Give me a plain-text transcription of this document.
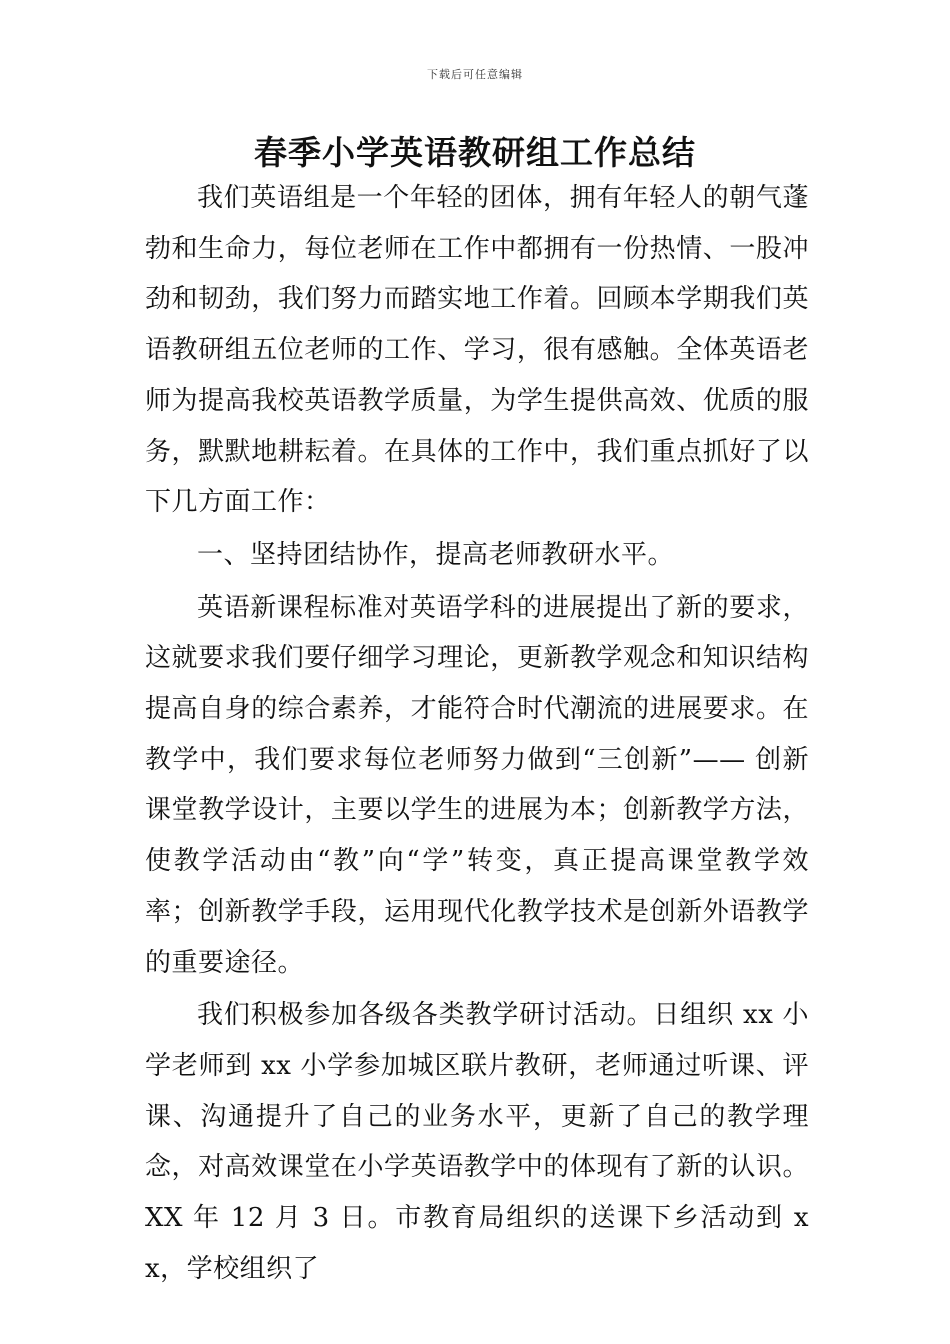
下载后可任意编辑
春季小学英语教研组工作总结

我们英语组是一个年轻的团体，拥有年轻人的朝气蓬勃和生命力，每位老师在工作中都拥有一份热情、一股冲劲和韧劲，我们努力而踏实地工作着。回顾本学期我们英语教研组五位老师的工作、学习，很有感触。全体英语老师为提高我校英语教学质量，为学生提供高效、优质的服务，默默地耕耘着。在具体的工作中，我们重点抓好了以下几方面工作：

一、坚持团结协作，提高老师教研水平。

英语新课程标准对英语学科的进展提出了新的要求，这就要求我们要仔细学习理论，更新教学观念和知识结构提高自身的综合素养，才能符合时代潮流的进展要求。在教学中，我们要求每位老师努力做到“三创新”—— 创新课堂教学设计，主要以学生的进展为本；创新教学方法，使教学活动由“教”向“学”转变，真正提高课堂教学效率；创新教学手段，运用现代化教学技术是创新外语教学的重要途径。

我们积极参加各级各类教学研讨活动。日组织 xx 小学老师到 xx 小学参加城区联片教研，老师通过听课、评课、沟通提升了自己的业务水平，更新了自己的教学理念，对高效课堂在小学英语教学中的体现有了新的认识。XX 年 12 月 3 日。市教育局组织的送课下乡活动到 xx，学校组织了
